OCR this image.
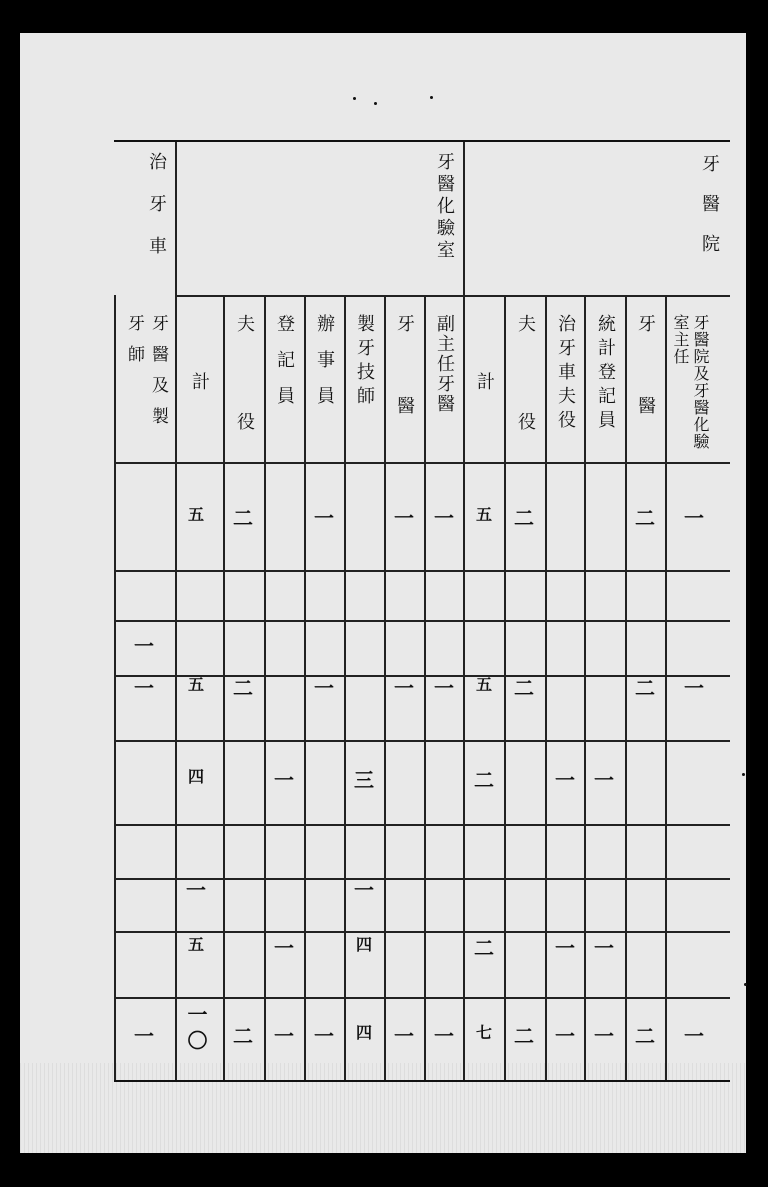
牙醫院
牙醫化驗室
治牙車
牙醫院及牙醫化驗室主任
牙醫
統計登記員
治牙車夫役
夫役
計
副主任牙醫
牙醫
製牙技師
辦事員
登記員
夫役
計
牙醫及製牙師
一
二
二
五
一
一
一
二
五
一
一
二
二
五
一
一
一
二
五
一
一
一
二
三
一
四
一
一
一
一
二
四
一
五
一
二
一
一
二
七
一
一
四
一
一
二
一〇
一
